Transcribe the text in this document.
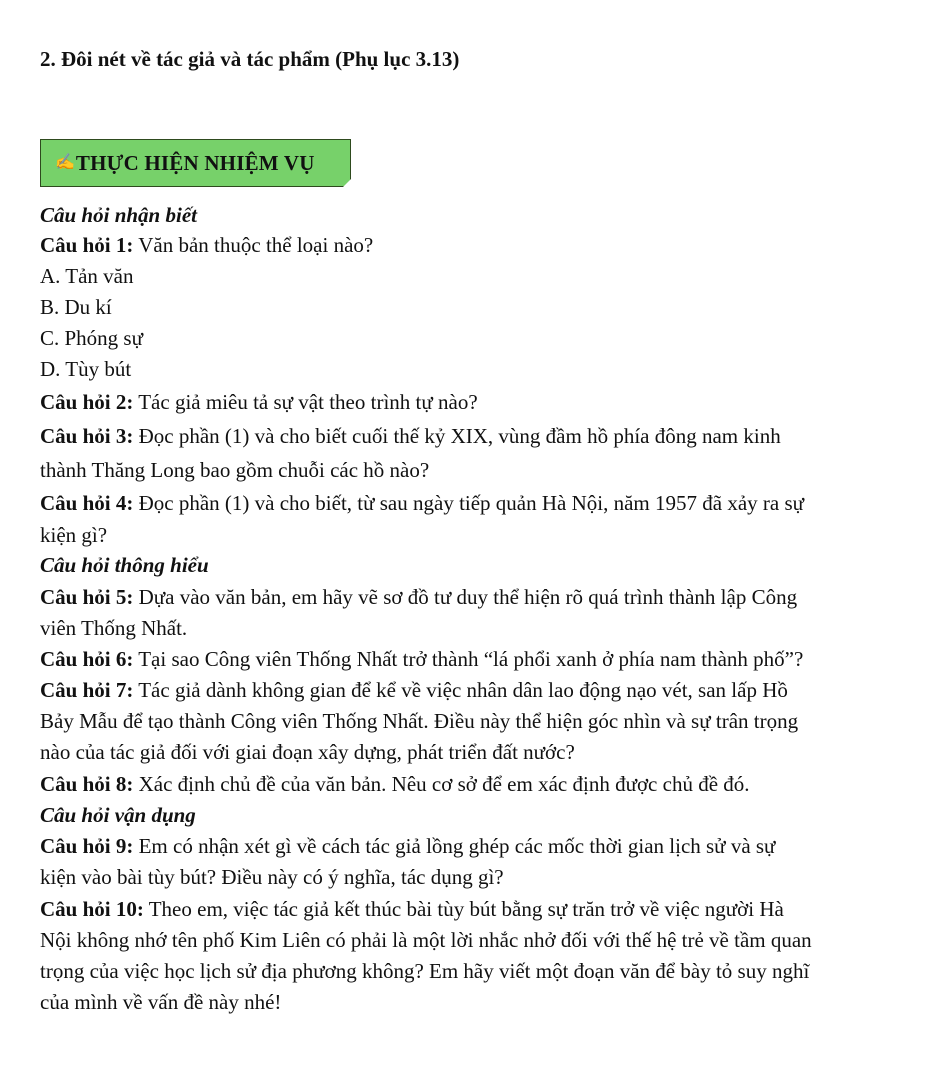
2. Đôi nét về tác giả và tác phẩm (Phụ lục 3.13)
✍ THỰC HIỆN NHIỆM VỤ
Câu hỏi nhận biết
Câu hỏi 1: Văn bản thuộc thể loại nào?
A. Tản văn
B. Du kí
C. Phóng sự
D. Tùy bút
Câu hỏi 2: Tác giả miêu tả sự vật theo trình tự nào?
Câu hỏi 3: Đọc phần (1) và cho biết cuối thế kỷ XIX, vùng đầm hồ phía đông nam kinh
thành Thăng Long bao gồm chuỗi các hồ nào?
Câu hỏi 4: Đọc phần (1) và cho biết, từ sau ngày tiếp quản Hà Nội, năm 1957 đã xảy ra sự
kiện gì?
Câu hỏi thông hiểu
Câu hỏi 5: Dựa vào văn bản, em hãy vẽ sơ đồ tư duy thể hiện rõ quá trình thành lập Công
viên Thống Nhất.
Câu hỏi 6: Tại sao Công viên Thống Nhất trở thành “lá phổi xanh ở phía nam thành phố”?
Câu hỏi 7: Tác giả dành không gian để kể về việc nhân dân lao động nạo vét, san lấp Hồ
Bảy Mẫu để tạo thành Công viên Thống Nhất. Điều này thể hiện góc nhìn và sự trân trọng
nào của tác giả đối với giai đoạn xây dựng, phát triển đất nước?
Câu hỏi 8: Xác định chủ đề của văn bản. Nêu cơ sở để em xác định được chủ đề đó.
Câu hỏi vận dụng
Câu hỏi 9: Em có nhận xét gì về cách tác giả lồng ghép các mốc thời gian lịch sử và sự
kiện vào bài tùy bút? Điều này có ý nghĩa, tác dụng gì?
Câu hỏi 10: Theo em, việc tác giả kết thúc bài tùy bút bằng sự trăn trở về việc người Hà
Nội không nhớ tên phố Kim Liên có phải là một lời nhắc nhở đối với thế hệ trẻ về tầm quan
trọng của việc học lịch sử địa phương không? Em hãy viết một đoạn văn để bày tỏ suy nghĩ
của mình về vấn đề này nhé!
